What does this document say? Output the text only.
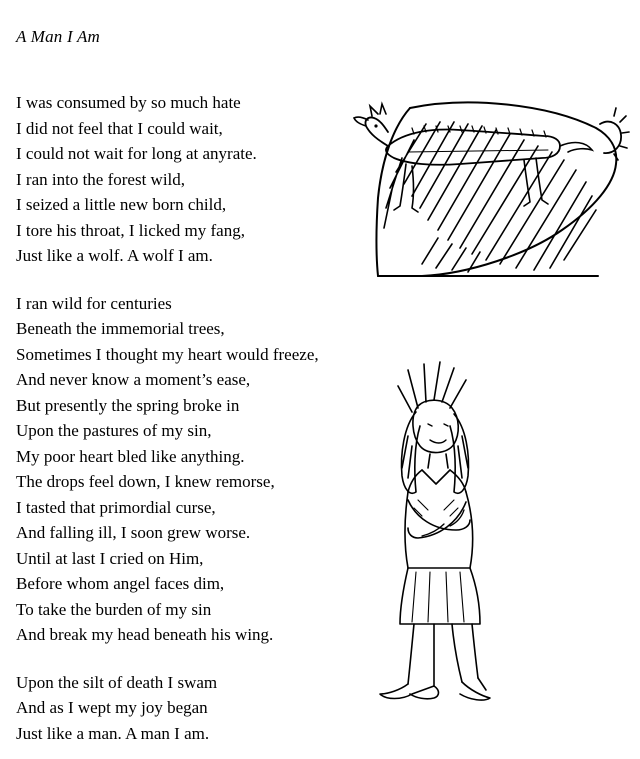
A Man I Am
I was consumed by so much hate
I did not feel that I could wait,
I could not wait for long at anyrate.
I ran into the forest wild,
I seized a little new born child,
I tore his throat, I licked my fang,
Just like a wolf. A wolf I am.
I ran wild for centuries
Beneath the immemorial trees,
Sometimes I thought my heart would freeze,
And never know a moment’s ease,
But presently the spring broke in
Upon the pastures of my sin,
My poor heart bled like anything.
The drops feel down, I knew remorse,
I tasted that primordial curse,
And falling ill, I soon grew worse.
Until at last I cried on Him,
Before whom angel faces dim,
To take the burden of my sin
And break my head beneath his wing.
Upon the silt of death I swam
And as I wept my joy began
Just like a man. A man I am.
